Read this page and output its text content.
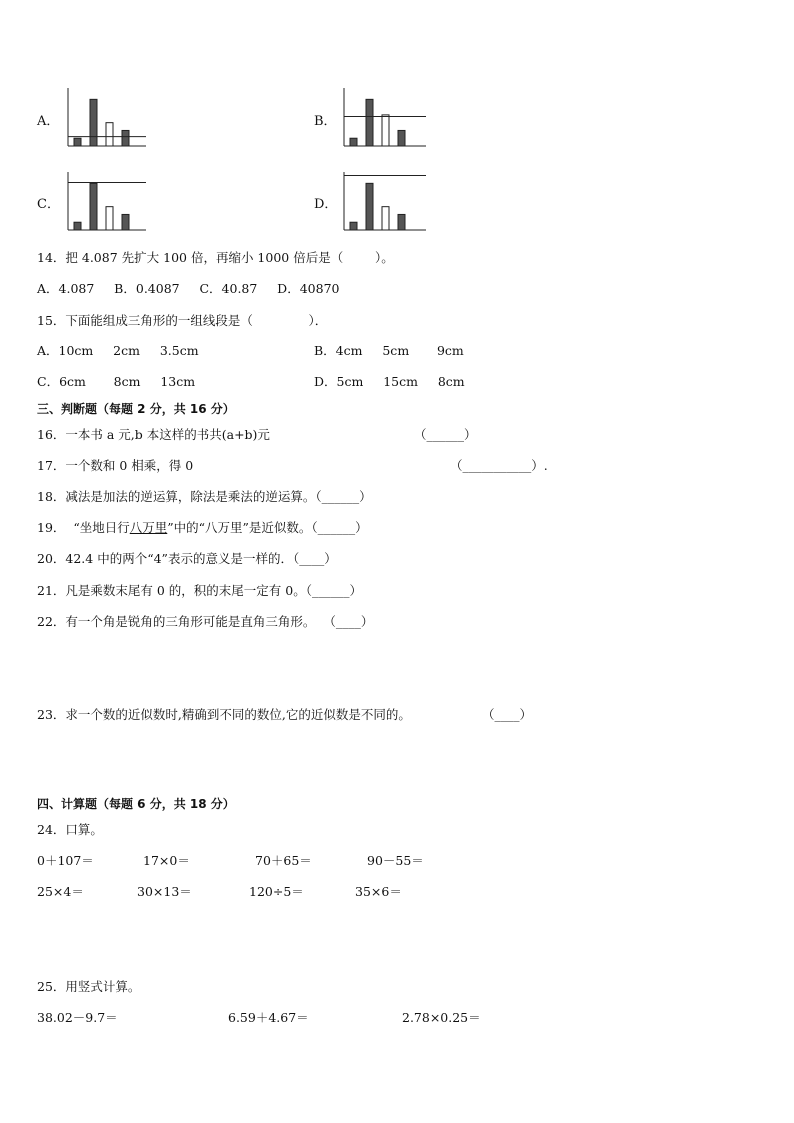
A．	B．
C．	D．
14．把 4.087 先扩大 100 倍，再缩小 1000 倍后是（        ）。
A．4.087     B．0.4087     C．40.87     D．40870
15．下面能组成三角形的一组线段是（              ）．
A．10cm     2cm     3.5cm	B．4cm     5cm       9cm
C．6cm       8cm     13cm	D．5cm     15cm     8cm
三、判断题（每题 2 分，共 16 分）
16．一本书 a 元,b 本这样的书共(a+b)元	（______）
17．一个数和 0 相乘，得 0	（___________）.
18．减法是加法的逆运算，除法是乘法的逆运算。（______）
19．  “坐地日行八万里”中的“八万里”是近似数。（______）
20．42.4 中的两个“4”表示的意义是一样的．（____）
21．凡是乘数末尾有 0 的，积的末尾一定有 0。（______）
22．有一个角是锐角的三角形可能是直角三角形。  （____）
23．求一个数的近似数时,精确到不同的数位,它的近似数是不同的。	（____）
四、计算题（每题 6 分，共 18 分）
24．口算。
0＋107＝	17×0＝	70＋65＝	90－55＝
25×4＝	30×13＝	120÷5＝	35×6＝
25．用竖式计算。
38.02－9.7＝	6.59＋4.67＝	2.78×0.25＝
